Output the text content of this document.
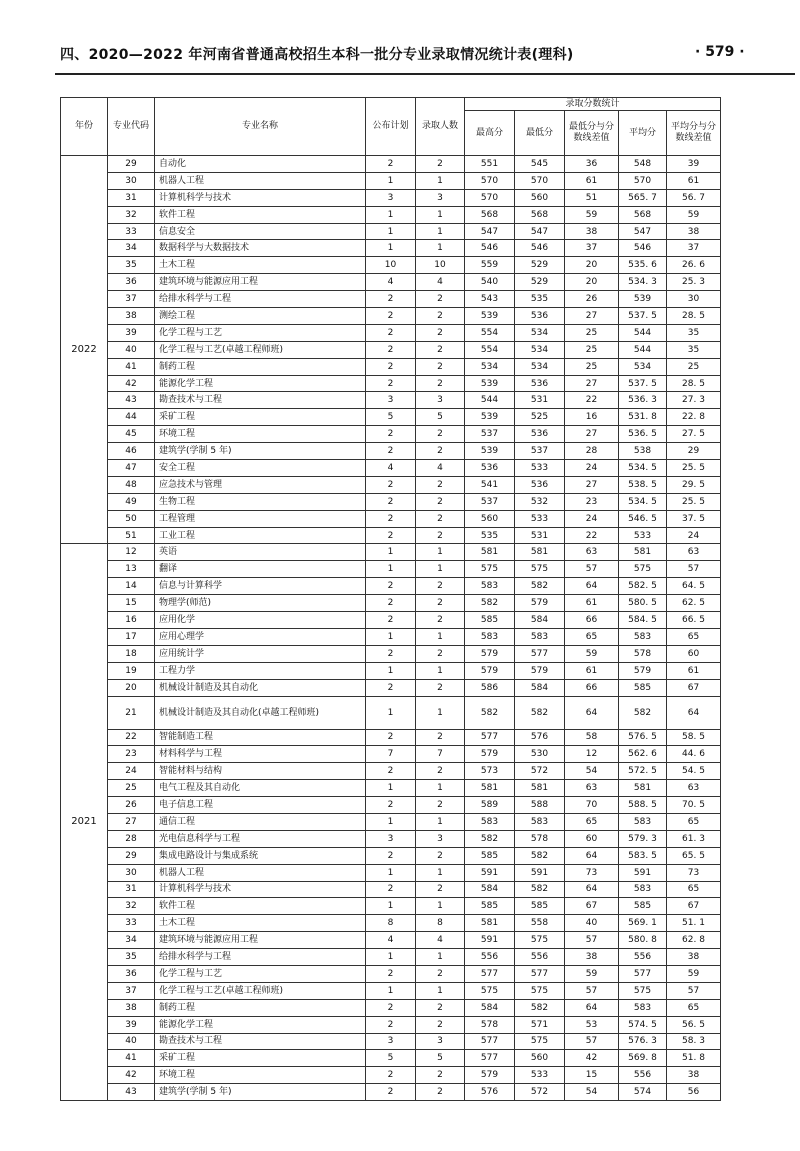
四、2020—2022 年河南省普通高校招生本科一批分专业录取情况统计表(理科)	· 579 ·
年份	专业代码	专业名称	公布计划	录取人数	录取分数统计				
					最高分	最低分	最低分与分数线差值	平均分	平均分与分数线差值
2022	29	自动化	2	2	551	545	36	548	39
	30	机器人工程	1	1	570	570	61	570	61
	31	计算机科学与技术	3	3	570	560	51	565. 7	56. 7
	32	软件工程	1	1	568	568	59	568	59
	33	信息安全	1	1	547	547	38	547	38
	34	数据科学与大数据技术	1	1	546	546	37	546	37
	35	土木工程	10	10	559	529	20	535. 6	26. 6
	36	建筑环境与能源应用工程	4	4	540	529	20	534. 3	25. 3
	37	给排水科学与工程	2	2	543	535	26	539	30
	38	测绘工程	2	2	539	536	27	537. 5	28. 5
	39	化学工程与工艺	2	2	554	534	25	544	35
	40	化学工程与工艺(卓越工程师班)	2	2	554	534	25	544	35
	41	制药工程	2	2	534	534	25	534	25
	42	能源化学工程	2	2	539	536	27	537. 5	28. 5
	43	勘查技术与工程	3	3	544	531	22	536. 3	27. 3
	44	采矿工程	5	5	539	525	16	531. 8	22. 8
	45	环境工程	2	2	537	536	27	536. 5	27. 5
	46	建筑学(学制 5 年)	2	2	539	537	28	538	29
	47	安全工程	4	4	536	533	24	534. 5	25. 5
	48	应急技术与管理	2	2	541	536	27	538. 5	29. 5
	49	生物工程	2	2	537	532	23	534. 5	25. 5
	50	工程管理	2	2	560	533	24	546. 5	37. 5
	51	工业工程	2	2	535	531	22	533	24
2021	12	英语	1	1	581	581	63	581	63
	13	翻译	1	1	575	575	57	575	57
	14	信息与计算科学	2	2	583	582	64	582. 5	64. 5
	15	物理学(师范)	2	2	582	579	61	580. 5	62. 5
	16	应用化学	2	2	585	584	66	584. 5	66. 5
	17	应用心理学	1	1	583	583	65	583	65
	18	应用统计学	2	2	579	577	59	578	60
	19	工程力学	1	1	579	579	61	579	61
	20	机械设计制造及其自动化	2	2	586	584	66	585	67
	21	机械设计制造及其自动化(卓越工程师班)	1	1	582	582	64	582	64
	22	智能制造工程	2	2	577	576	58	576. 5	58. 5
	23	材料科学与工程	7	7	579	530	12	562. 6	44. 6
	24	智能材料与结构	2	2	573	572	54	572. 5	54. 5
	25	电气工程及其自动化	1	1	581	581	63	581	63
	26	电子信息工程	2	2	589	588	70	588. 5	70. 5
	27	通信工程	1	1	583	583	65	583	65
	28	光电信息科学与工程	3	3	582	578	60	579. 3	61. 3
	29	集成电路设计与集成系统	2	2	585	582	64	583. 5	65. 5
	30	机器人工程	1	1	591	591	73	591	73
	31	计算机科学与技术	2	2	584	582	64	583	65
	32	软件工程	1	1	585	585	67	585	67
	33	土木工程	8	8	581	558	40	569. 1	51. 1
	34	建筑环境与能源应用工程	4	4	591	575	57	580. 8	62. 8
	35	给排水科学与工程	1	1	556	556	38	556	38
	36	化学工程与工艺	2	2	577	577	59	577	59
	37	化学工程与工艺(卓越工程师班)	1	1	575	575	57	575	57
	38	制药工程	2	2	584	582	64	583	65
	39	能源化学工程	2	2	578	571	53	574. 5	56. 5
	40	勘查技术与工程	3	3	577	575	57	576. 3	58. 3
	41	采矿工程	5	5	577	560	42	569. 8	51. 8
	42	环境工程	2	2	579	533	15	556	38
	43	建筑学(学制 5 年)	2	2	576	572	54	574	56
